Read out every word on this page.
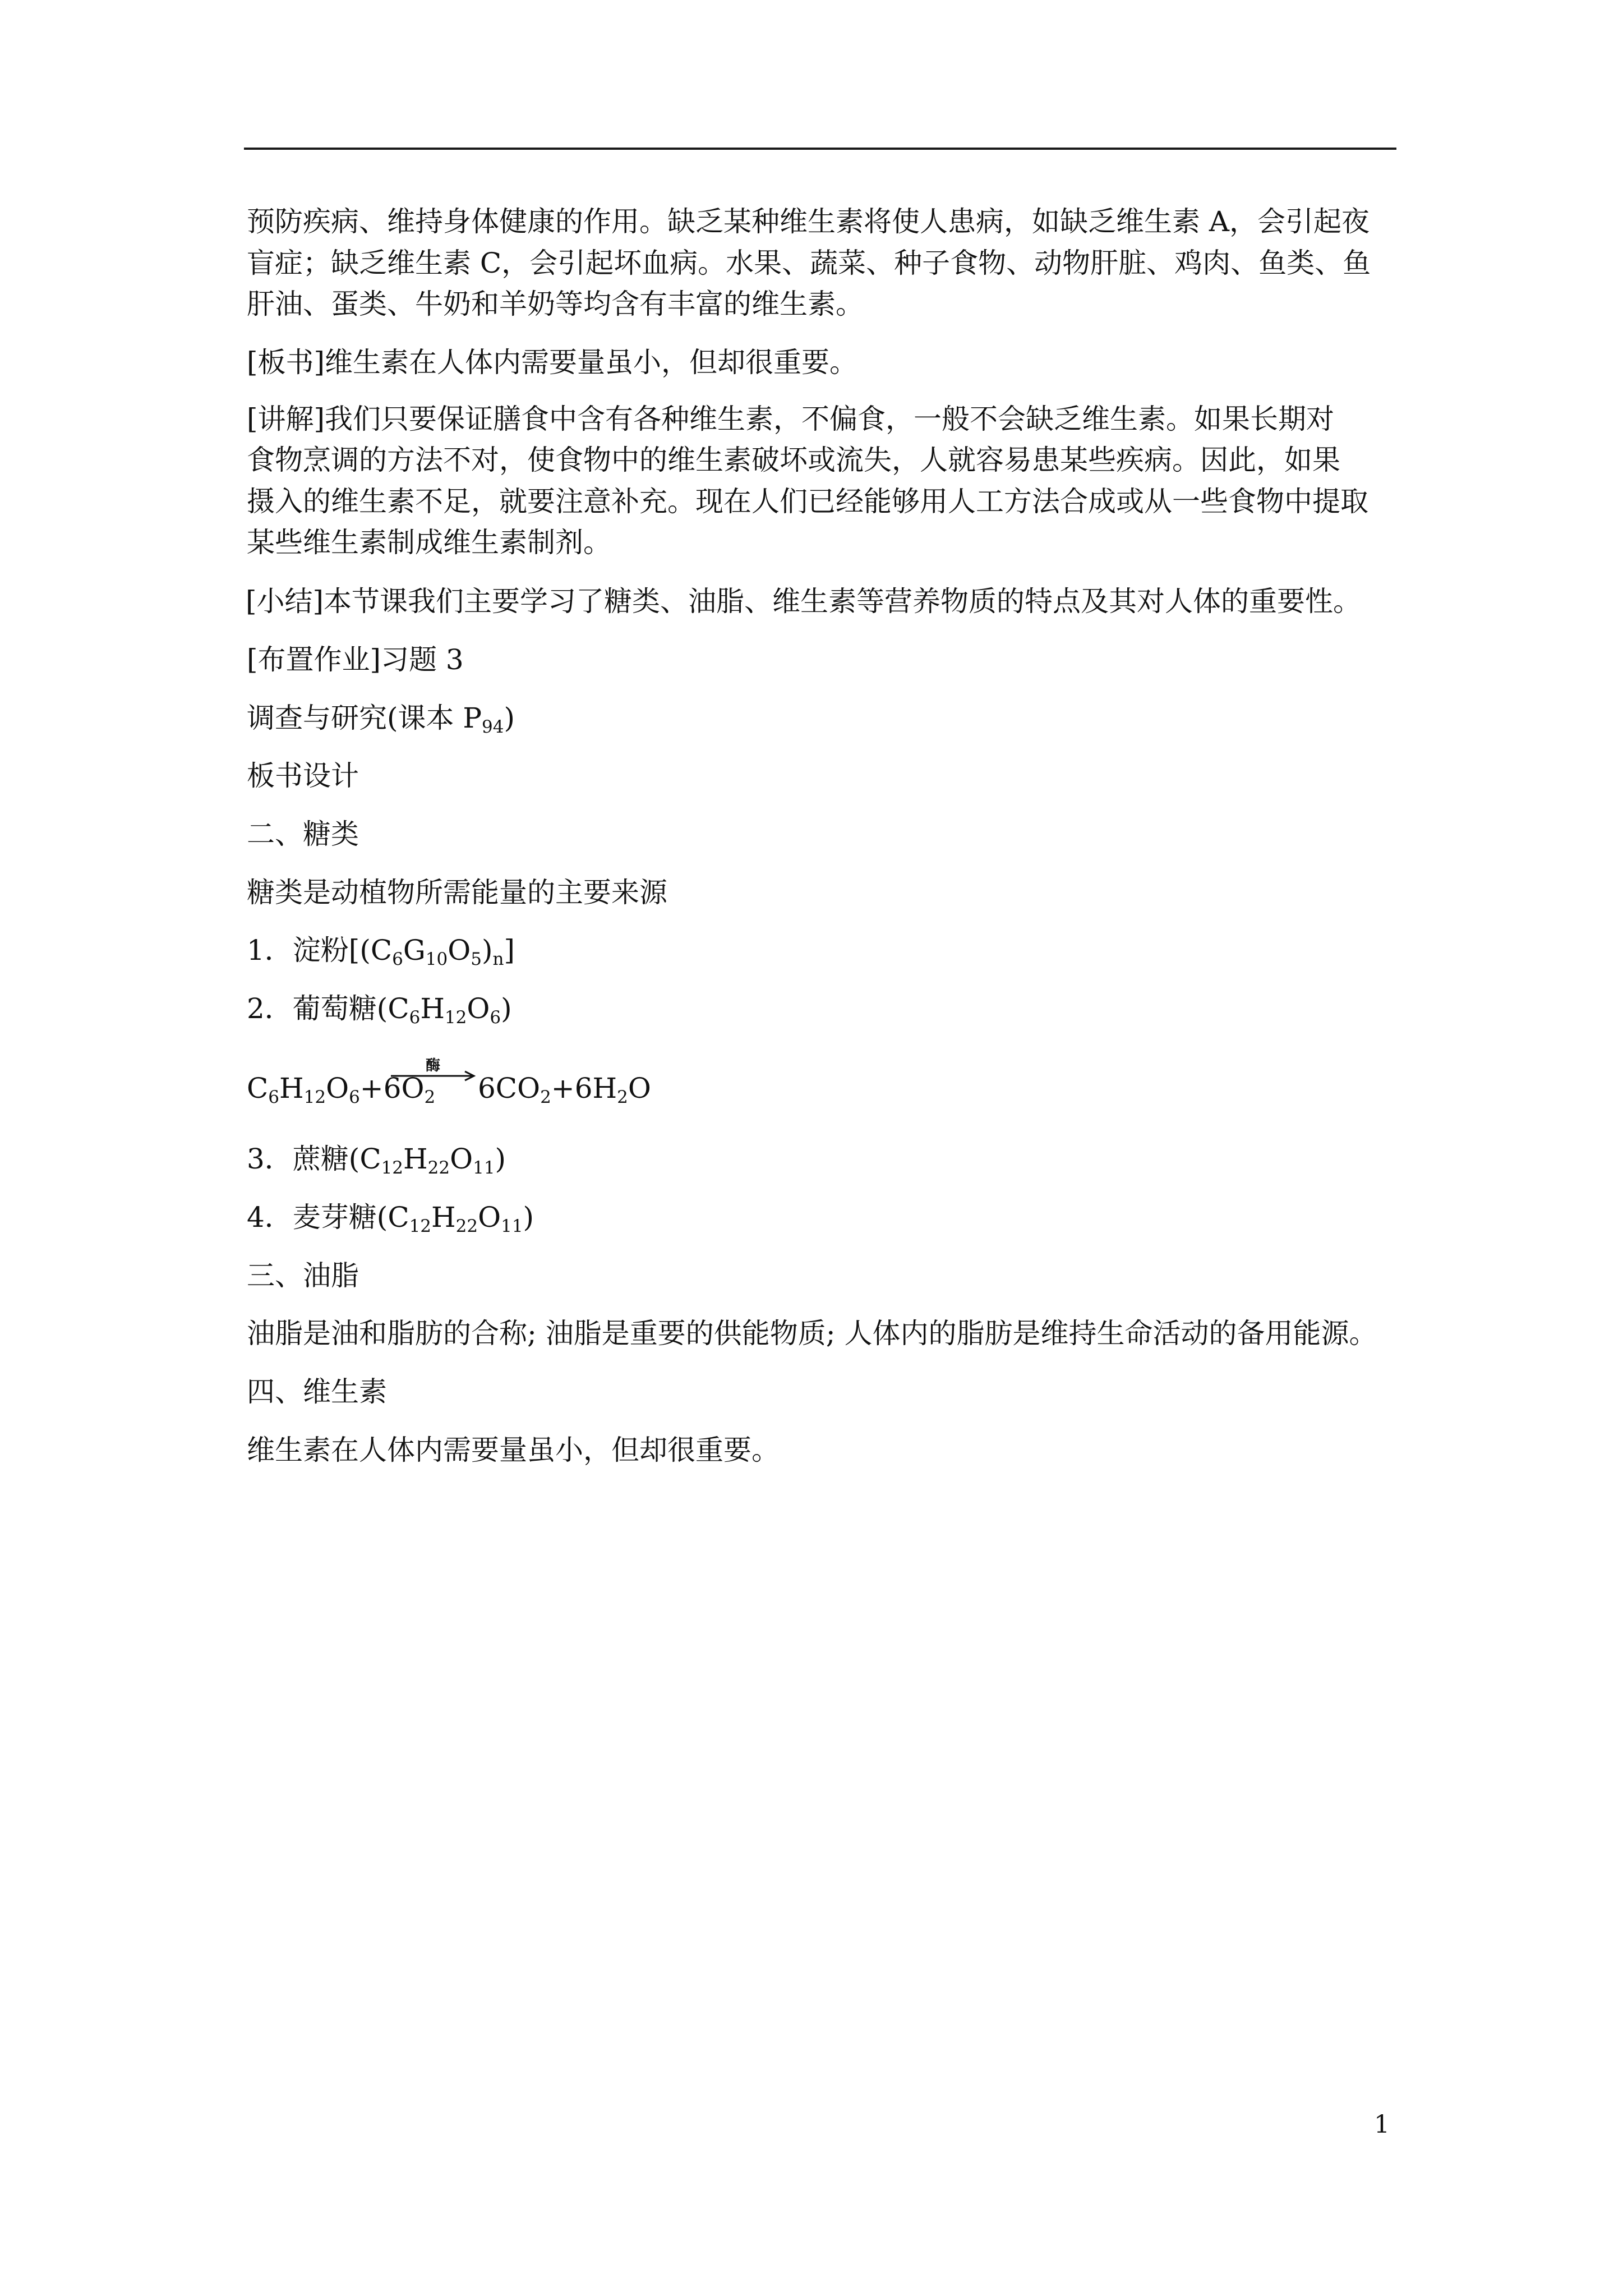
预防疾病、维持身体健康的作用。缺乏某种维生素将使人患病，如缺乏维生素 A，会引起夜
盲症；缺乏维生素 C，会引起坏血病。水果、蔬菜、种子食物、动物肝脏、鸡肉、鱼类、鱼
肝油、蛋类、牛奶和羊奶等均含有丰富的维生素。
[板书]维生素在人体内需要量虽小，但却很重要。
[讲解]我们只要保证膳食中含有各种维生素，不偏食，一般不会缺乏维生素。如果长期对
食物烹调的方法不对，使食物中的维生素破坏或流失，人就容易患某些疾病。因此，如果
摄入的维生素不足，就要注意补充。现在人们已经能够用人工方法合成或从一些食物中提取
某些维生素制成维生素制剂。
[小结]本节课我们主要学习了糖类、油脂、维生素等营养物质的特点及其对人体的重要性。
[布置作业]习题 3
调查与研究(课本 $P_{94}$)
板书设计
二、糖类
糖类是动植物所需能量的主要来源
1．淀粉$[(C_6G_{10}O_5)_n]$
2．葡萄糖$(C_6H_{12}O_6)$
$C_6H_{12}O_6+6O_2$
酶
$6CO_2+6H_2O$
3．蔗糖$(C_{12}H_{22}O_{11})$
4．麦芽糖$(C_{12}H_{22}O_{11})$
三、油脂
油脂是油和脂肪的合称; 油脂是重要的供能物质; 人体内的脂肪是维持生命活动的备用能源。
四、维生素
维生素在人体内需要量虽小，但却很重要。
1
